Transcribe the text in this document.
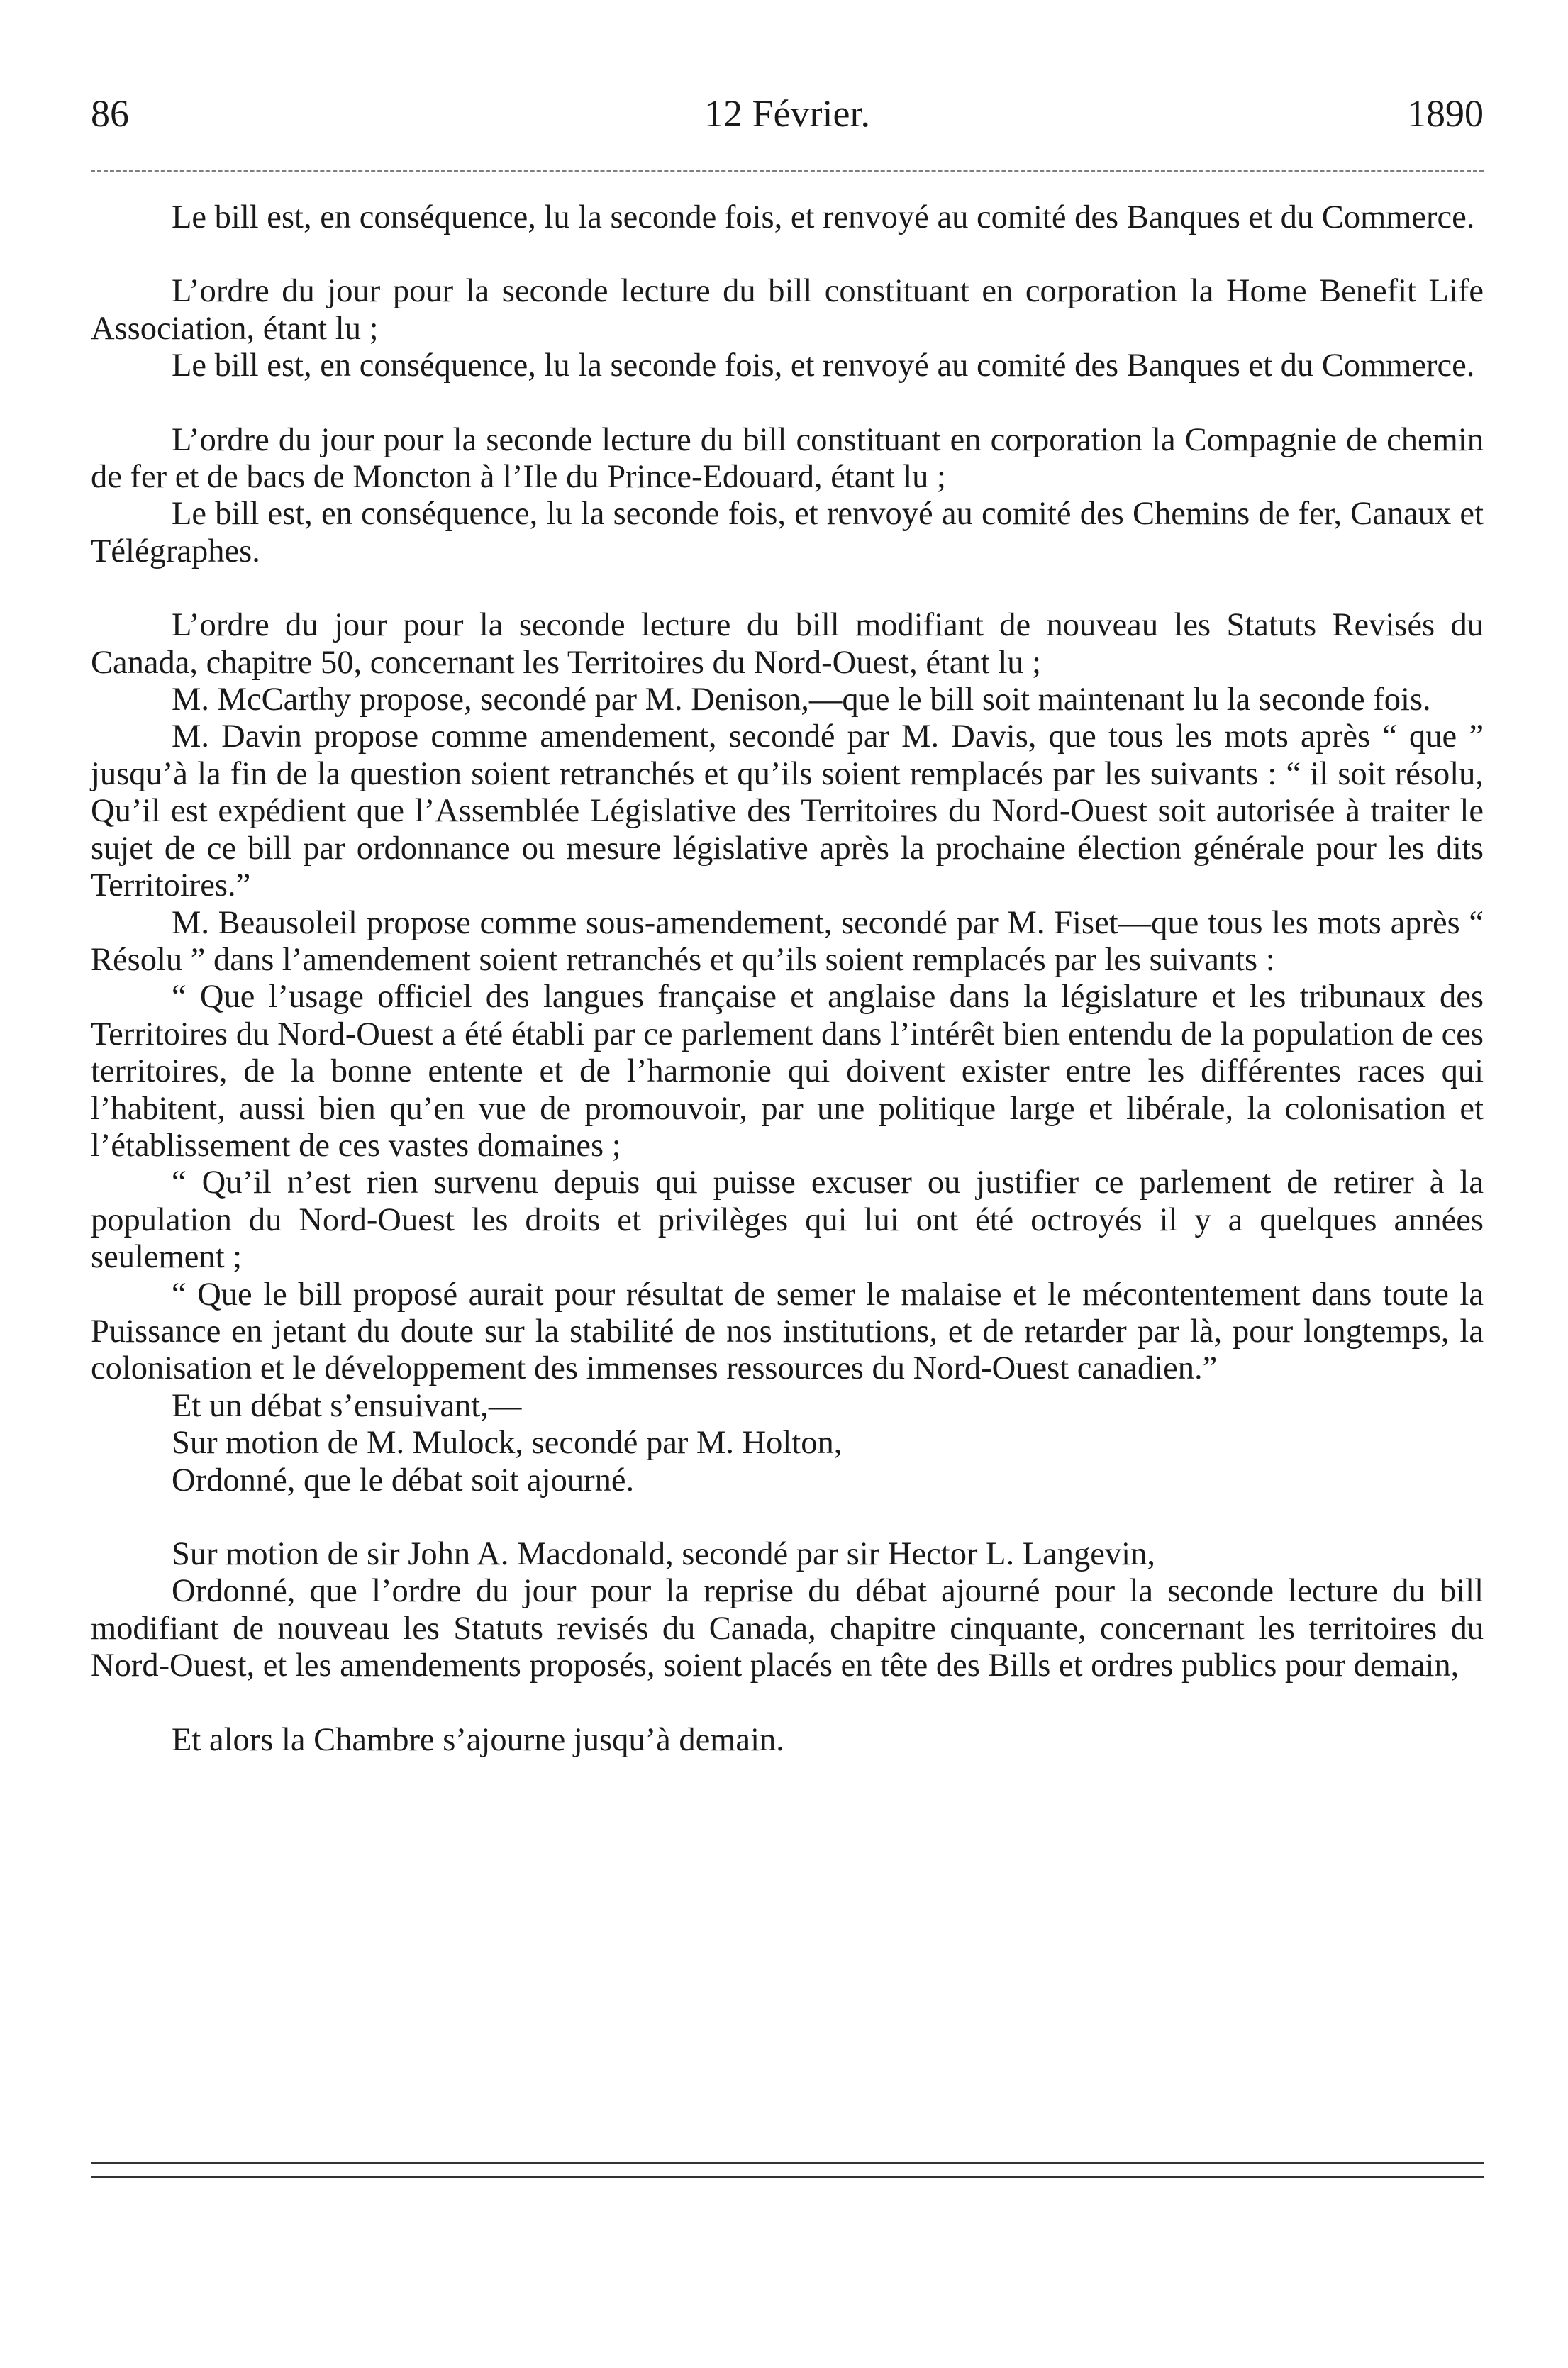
86	12 Février.	1890

Le bill est, en conséquence, lu la seconde fois, et renvoyé au comité des Banques et du Commerce.

L’ordre du jour pour la seconde lecture du bill constituant en corporation la Home Benefit Life Association, étant lu ;

Le bill est, en conséquence, lu la seconde fois, et renvoyé au comité des Banques et du Commerce.

L’ordre du jour pour la seconde lecture du bill constituant en corporation la Compagnie de chemin de fer et de bacs de Moncton à l’Ile du Prince-Edouard, étant lu ;

Le bill est, en conséquence, lu la seconde fois, et renvoyé au comité des Chemins de fer, Canaux et Télégraphes.

L’ordre du jour pour la seconde lecture du bill modifiant de nouveau les Statuts Revisés du Canada, chapitre 50, concernant les Territoires du Nord-Ouest, étant lu ;

M. McCarthy propose, secondé par M. Denison,—que le bill soit maintenant lu la seconde fois.

M. Davin propose comme amendement, secondé par M. Davis, que tous les mots après “ que ” jusqu’à la fin de la question soient retranchés et qu’ils soient remplacés par les suivants : “ il soit résolu, Qu’il est expédient que l’Assemblée Législative des Territoires du Nord-Ouest soit autorisée à traiter le sujet de ce bill par ordonnance ou mesure législative après la prochaine élection générale pour les dits Territoires.”

M. Beausoleil propose comme sous-amendement, secondé par M. Fiset—que tous les mots après “ Résolu ” dans l’amendement soient retranchés et qu’ils soient remplacés par les suivants :

“ Que l’usage officiel des langues française et anglaise dans la législature et les tribunaux des Territoires du Nord-Ouest a été établi par ce parlement dans l’intérêt bien entendu de la population de ces territoires, de la bonne entente et de l’harmonie qui doivent exister entre les différentes races qui l’habitent, aussi bien qu’en vue de promouvoir, par une politique large et libérale, la colonisation et l’établissement de ces vastes domaines ;

“ Qu’il n’est rien survenu depuis qui puisse excuser ou justifier ce parlement de retirer à la population du Nord-Ouest les droits et privilèges qui lui ont été octroyés il y a quelques années seulement ;

“ Que le bill proposé aurait pour résultat de semer le malaise et le mécontentement dans toute la Puissance en jetant du doute sur la stabilité de nos institutions, et de retarder par là, pour longtemps, la colonisation et le développement des immenses ressources du Nord-Ouest canadien.”

Et un débat s’ensuivant,—

Sur motion de M. Mulock, secondé par M. Holton,

Ordonné, que le débat soit ajourné.

Sur motion de sir John A. Macdonald, secondé par sir Hector L. Langevin,

Ordonné, que l’ordre du jour pour la reprise du débat ajourné pour la seconde lecture du bill modifiant de nouveau les Statuts revisés du Canada, chapitre cinquante, concernant les territoires du Nord-Ouest, et les amendements proposés, soient placés en tête des Bills et ordres publics pour demain,

Et alors la Chambre s’ajourne jusqu’à demain.
